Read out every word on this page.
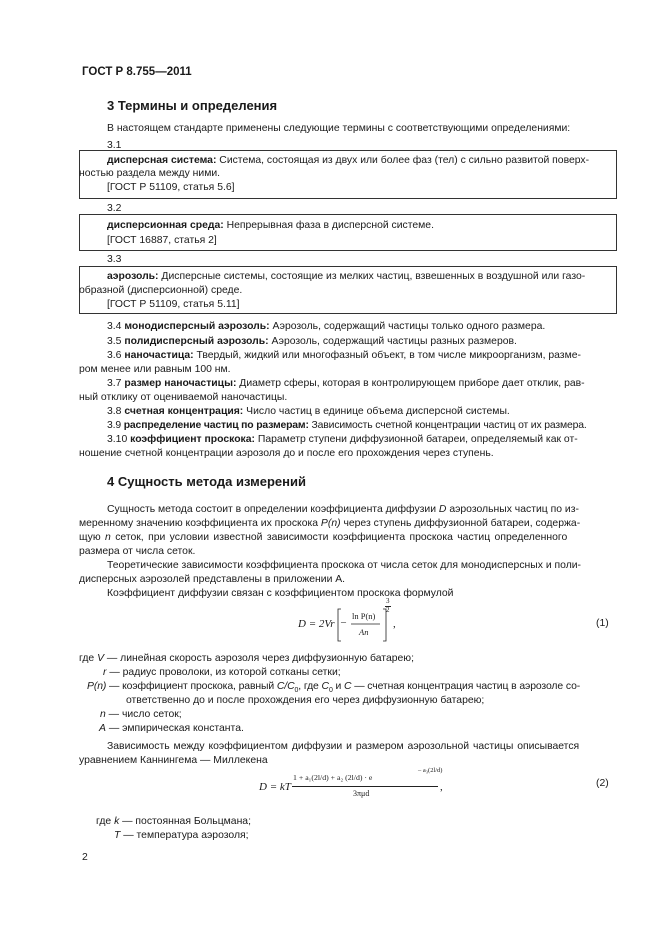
ГОСТ Р 8.755—2011
3 Термины и определения
В настоящем стандарте применены следующие термины с соответствующими определениями:
3.1
дисперсная система: Система, состоящая из двух или более фаз (тел) с сильно развитой поверх-
ностью раздела между ними.
[ГОСТ Р 51109, статья 5.6]
3.2
дисперсионная среда: Непрерывная фаза в дисперсной системе.
[ГОСТ 16887, статья 2]
3.3
аэрозоль: Дисперсные системы, состоящие из мелких частиц, взвешенных в воздушной или газо-
образной (дисперсионной) среде.
[ГОСТ Р 51109, статья 5.11]
3.4 монодисперсный аэрозоль: Аэрозоль, содержащий частицы только одного размера.
3.5 полидисперсный аэрозоль: Аэрозоль, содержащий частицы разных размеров.
3.6 наночастица: Твердый, жидкий или многофазный объект, в том числе микроорганизм, разме-
ром менее или равным 100 нм.
3.7 размер наночастицы: Диаметр сферы, которая в контролирующем приборе дает отклик, рав-
ный отклику от оцениваемой наночастицы.
3.8 счетная концентрация: Число частиц в единице объема дисперсной системы.
3.9 распределение частиц по размерам: Зависимость счетной концентрации частиц от их размера.
3.10 коэффициент проскока: Параметр ступени диффузионной батареи, определяемый как от-
ношение счетной концентрации аэрозоля до и после его прохождения через ступень.
4 Сущность метода измерений
Сущность метода состоит в определении коэффициента диффузии D аэрозольных частиц по из-
меренному значению коэффициента их проскока P(n) через ступень диффузионной батареи, содержа-
щую n сеток, при условии известной зависимости коэффициента проскока частиц определенного
размера от числа сеток.
Теоретические зависимости коэффициента проскока от числа сеток для монодисперсных и поли-
дисперсных аэрозолей представлены в приложении А.
Коэффициент диффузии связан с коэффициентом проскока формулой
D = 2Vr –
ln P(n)
An
3
2
,	(1)
где V — линейная скорость аэрозоля через диффузионную батарею;
r — радиус проволоки, из которой сотканы сетки;
P(n) — коэффициент проскока, равный $C/C_0$, где $C_0$ и C — счетная концентрация частиц в аэрозоле со-
ответственно до и после прохождения его через диффузионную батарею;
n — число сеток;
A — эмпирическая константа.
Зависимость между коэффициентом диффузии и размером аэрозольной частицы описывается
уравнением Каннингема — Миллекена
D = kT
1 + a₁(2l/d) + a₂ (2l/d) · e
– a₃(2l/d)
3πμd
,	(2)
где k — постоянная Больцмана;
T — температура аэрозоля;
2
